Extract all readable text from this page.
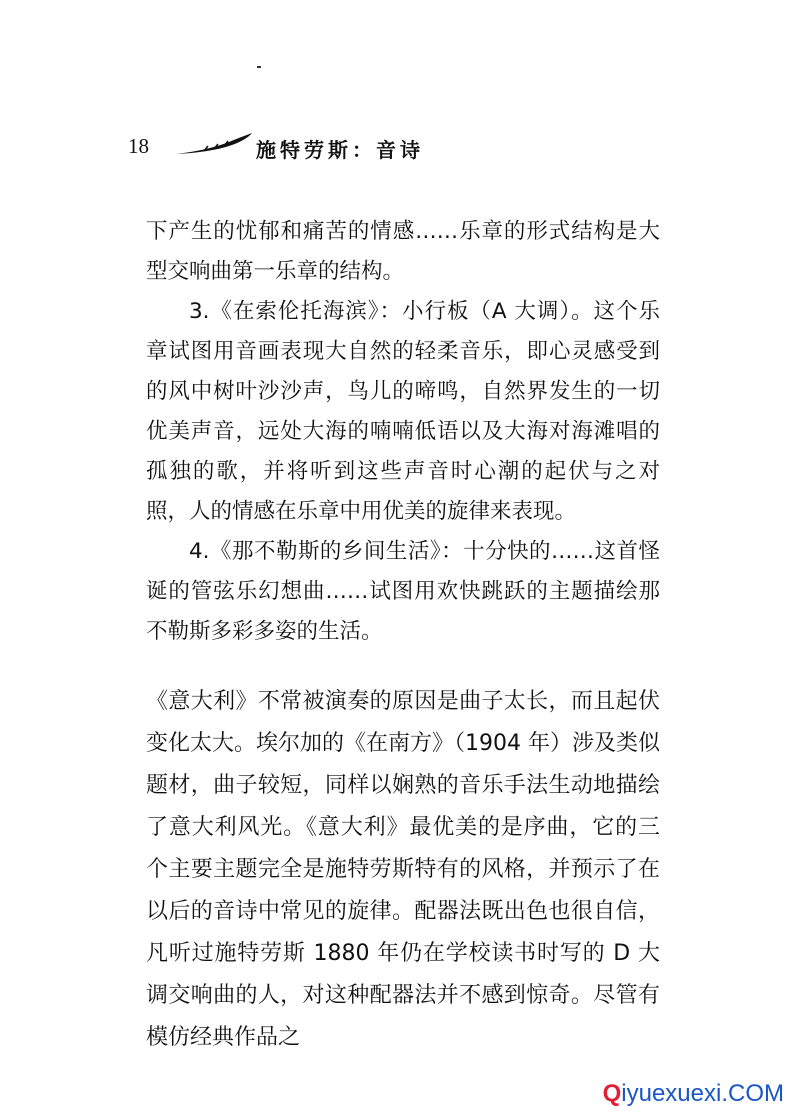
18	施特劳斯：音诗

下产生的忧郁和痛苦的情感……乐章的形式结构是大型交响曲第一乐章的结构。

3.《在索伦托海滨》：小行板（A 大调）。这个乐章试图用音画表现大自然的轻柔音乐，即心灵感受到的风中树叶沙沙声，鸟儿的啼鸣，自然界发生的一切优美声音，远处大海的喃喃低语以及大海对海滩唱的孤独的歌，并将听到这些声音时心潮的起伏与之对照，人的情感在乐章中用优美的旋律来表现。

4.《那不勒斯的乡间生活》：十分快的……这首怪诞的管弦乐幻想曲……试图用欢快跳跃的主题描绘那不勒斯多彩多姿的生活。

《意大利》不常被演奏的原因是曲子太长，而且起伏变化太大。埃尔加的《在南方》（1904 年）涉及类似题材，曲子较短，同样以娴熟的音乐手法生动地描绘了意大利风光。《意大利》最优美的是序曲，它的三个主要主题完全是施特劳斯特有的风格，并预示了在以后的音诗中常见的旋律。配器法既出色也很自信，凡听过施特劳斯 1880 年仍在学校读书时写的 D 大调交响曲的人，对这种配器法并不感到惊奇。尽管有模仿经典作品之

Qiyuexuexi.COM
